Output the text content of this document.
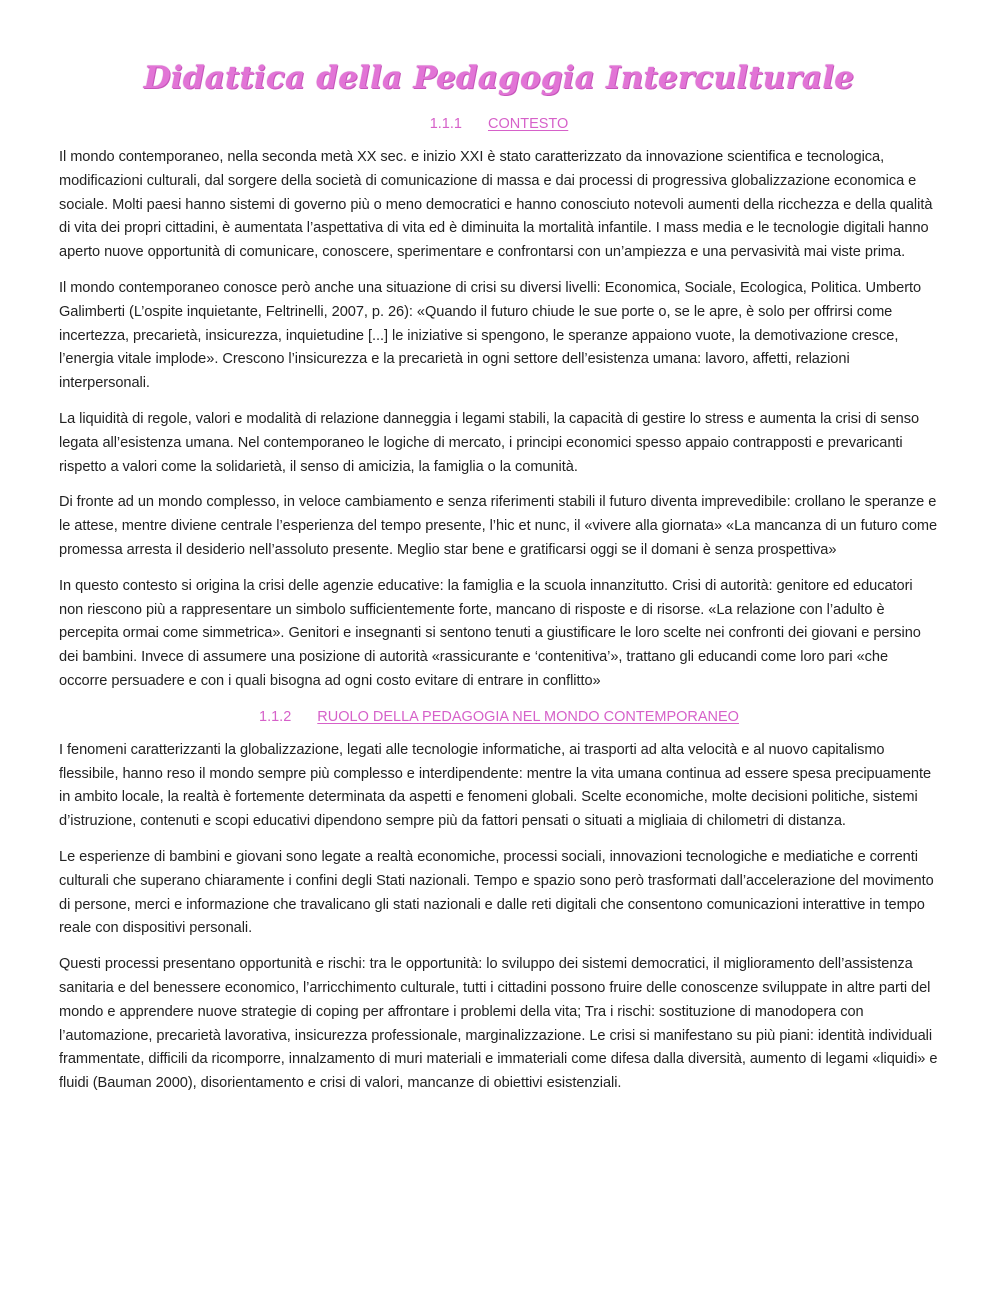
Didattica della Pedagogia Interculturale
1.1.1 CONTESTO

Il mondo contemporaneo, nella seconda metà XX sec. e inizio XXI è stato caratterizzato da innovazione scientifica e tecnologica, modificazioni culturali, dal sorgere della società di comunicazione di massa e dai processi di progressiva globalizzazione economica e sociale. Molti paesi hanno sistemi di governo più o meno democratici e hanno conosciuto notevoli aumenti della ricchezza e della qualità di vita dei propri cittadini, è aumentata l’aspettativa di vita ed è diminuita la mortalità infantile. I mass media e le tecnologie digitali hanno aperto nuove opportunità di comunicare, conoscere, sperimentare e confrontarsi con un’ampiezza e una pervasività mai viste prima.

Il mondo contemporaneo conosce però anche una situazione di crisi su diversi livelli: Economica, Sociale, Ecologica, Politica. Umberto Galimberti (L’ospite inquietante, Feltrinelli, 2007, p. 26): «Quando il futuro chiude le sue porte o, se le apre, è solo per offrirsi come incertezza, precarietà, insicurezza, inquietudine [...] le iniziative si spengono, le speranze appaiono vuote, la demotivazione cresce, l’energia vitale implode». Crescono l’insicurezza e la precarietà in ogni settore dell’esistenza umana: lavoro, affetti, relazioni interpersonali.

La liquidità di regole, valori e modalità di relazione danneggia i legami stabili, la capacità di gestire lo stress e aumenta la crisi di senso legata all’esistenza umana. Nel contemporaneo le logiche di mercato, i principi economici spesso appaio contrapposti e prevaricanti rispetto a valori come la solidarietà, il senso di amicizia, la famiglia o la comunità.

Di fronte ad un mondo complesso, in veloce cambiamento e senza riferimenti stabili il futuro diventa imprevedibile: crollano le speranze e le attese, mentre diviene centrale l’esperienza del tempo presente, l’hic et nunc, il «vivere alla giornata» «La mancanza di un futuro come promessa arresta il desiderio nell’assoluto presente. Meglio star bene e gratificarsi oggi se il domani è senza prospettiva»

In questo contesto si origina la crisi delle agenzie educative: la famiglia e la scuola innanzitutto. Crisi di autorità: genitore ed educatori non riescono più a rappresentare un simbolo sufficientemente forte, mancano di risposte e di risorse. «La relazione con l’adulto è percepita ormai come simmetrica». Genitori e insegnanti si sentono tenuti a giustificare le loro scelte nei confronti dei giovani e persino dei bambini. Invece di assumere una posizione di autorità «rassicurante e ‘contenitiva’», trattano gli educandi come loro pari «che occorre persuadere e con i quali bisogna ad ogni costo evitare di entrare in conflitto»

1.1.2 RUOLO DELLA PEDAGOGIA NEL MONDO CONTEMPORANEO

I fenomeni caratterizzanti la globalizzazione, legati alle tecnologie informatiche, ai trasporti ad alta velocità e al nuovo capitalismo flessibile, hanno reso il mondo sempre più complesso e interdipendente: mentre la vita umana continua ad essere spesa precipuamente in ambito locale, la realtà è fortemente determinata da aspetti e fenomeni globali. Scelte economiche, molte decisioni politiche, sistemi d’istruzione, contenuti e scopi educativi dipendono sempre più da fattori pensati o situati a migliaia di chilometri di distanza.

Le esperienze di bambini e giovani sono legate a realtà economiche, processi sociali, innovazioni tecnologiche e mediatiche e correnti culturali che superano chiaramente i confini degli Stati nazionali. Tempo e spazio sono però trasformati dall’accelerazione del movimento di persone, merci e informazione che travalicano gli stati nazionali e dalle reti digitali che consentono comunicazioni interattive in tempo reale con dispositivi personali.

Questi processi presentano opportunità e rischi: tra le opportunità: lo sviluppo dei sistemi democratici, il miglioramento dell’assistenza sanitaria e del benessere economico, l’arricchimento culturale, tutti i cittadini possono fruire delle conoscenze sviluppate in altre parti del mondo e apprendere nuove strategie di coping per affrontare i problemi della vita; Tra i rischi: sostituzione di manodopera con l’automazione, precarietà lavorativa, insicurezza professionale, marginalizzazione. Le crisi si manifestano su più piani: identità individuali frammentate, difficili da ricomporre, innalzamento di muri materiali e immateriali come difesa dalla diversità, aumento di legami «liquidi» e fluidi (Bauman 2000), disorientamento e crisi di valori, mancanze di obiettivi esistenziali.
